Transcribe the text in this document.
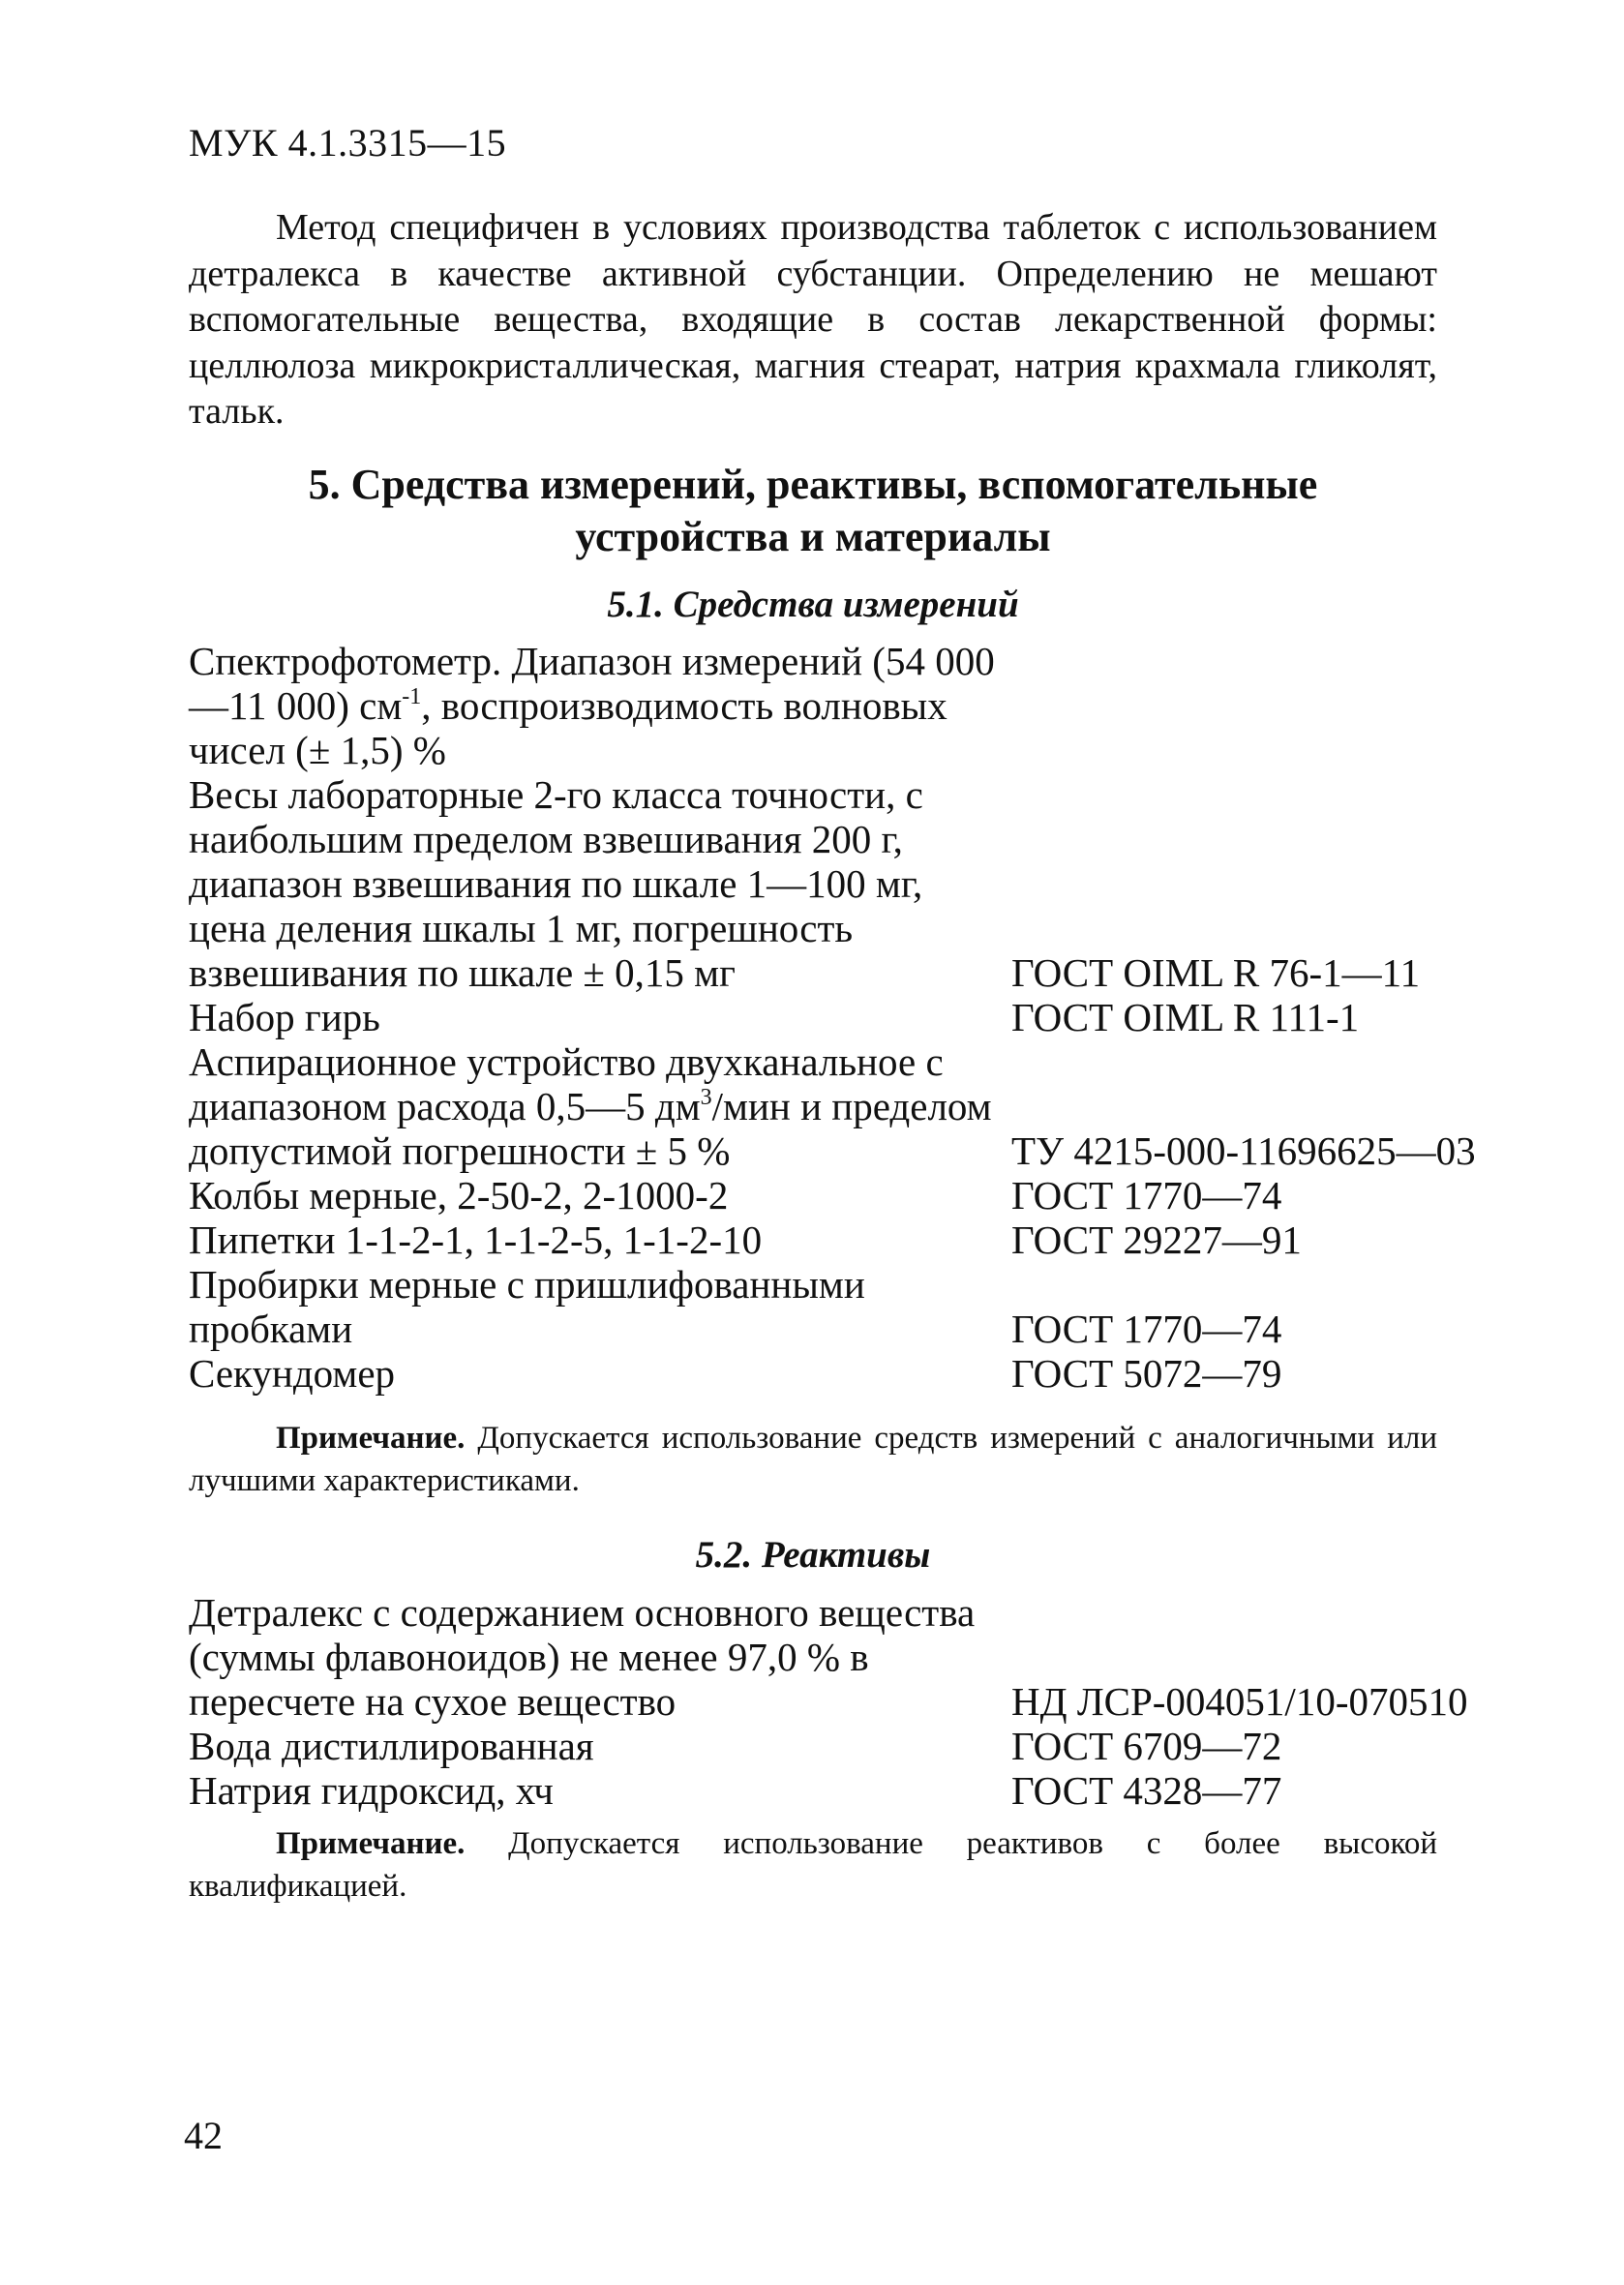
МУК 4.1.3315—15

Метод специфичен в условиях производства таблеток с использованием детралекса в качестве активной субстанции. Определению не мешают вспомогательные вещества, входящие в состав лекарственной формы: целлюлоза микрокристаллическая, магния стеарат, натрия крахмала гликолят, тальк.

5. Средства измерений, реактивы, вспомогательные
устройства и материалы
5.1. Средства измерений
Спектрофотометр. Диапазон измерений (54 000—11 000) $см^{-1}$, воспроизводимость волновых чисел (± 1,5) %
Весы лабораторные 2-го класса точности, с наибольшим пределом взвешивания 200 г, диапазон взвешивания по шкале 1—100 мг, цена деления шкалы 1 мг, погрешность взвешивания по шкале ± 0,15 мг	ГОСТ OIML R 76-1—11
Набор гирь	ГОСТ OIML R 111-1
Аспирационное устройство двухканальное с диапазоном расхода 0,5—5 $дм^3$/мин и пределом допустимой погрешности ± 5 %	ТУ 4215-000-11696625—03
Колбы мерные, 2-50-2, 2-1000-2	ГОСТ 1770—74
Пипетки 1-1-2-1, 1-1-2-5, 1-1-2-10	ГОСТ 29227—91
Пробирки мерные с пришлифованными пробками	ГОСТ 1770—74
Секундомер	ГОСТ 5072—79

Примечание. Допускается использование средств измерений с аналогичными или лучшими характеристиками.

5.2. Реактивы
Детралекс с содержанием основного вещества (суммы флавоноидов) не менее 97,0 % в пересчете на сухое вещество	НД ЛСР-004051/10-070510
Вода дистиллированная	ГОСТ 6709—72
Натрия гидроксид, хч	ГОСТ 4328—77

Примечание. Допускается использование реактивов с более высокой квалификацией.

42
